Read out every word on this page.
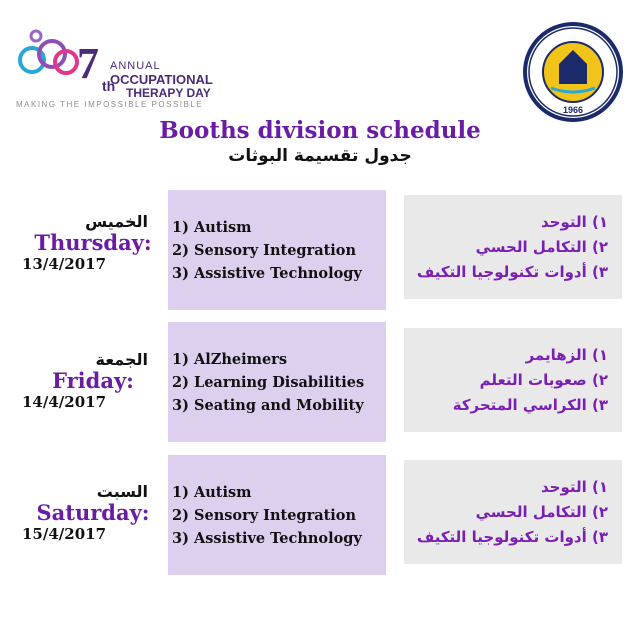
7 th
ANNUAL
OCCUPATIONAL
THERAPY DAY
MAKING THE IMPOSSIBLE POSSIBLE
1966
Booths division schedule
جدول تقسيمة البوثات
الخميس
Thursday:
13/4/2017
1) Autism
2) Sensory Integration
3) Assistive Technology
١) التوحد
٢) التكامل الحسي
٣) أدوات تكنولوجيا التكيف
الجمعة
Friday:
14/4/2017
1) AlZheimers
2) Learning Disabilities
3) Seating and Mobility
١) الزهايمر
٢) صعوبات التعلم
٣) الكراسي المتحركة
السبت
Saturday:
15/4/2017
1) Autism
2) Sensory Integration
3) Assistive Technology
١) التوحد
٢) التكامل الحسي
٣) أدوات تكنولوجيا التكيف
